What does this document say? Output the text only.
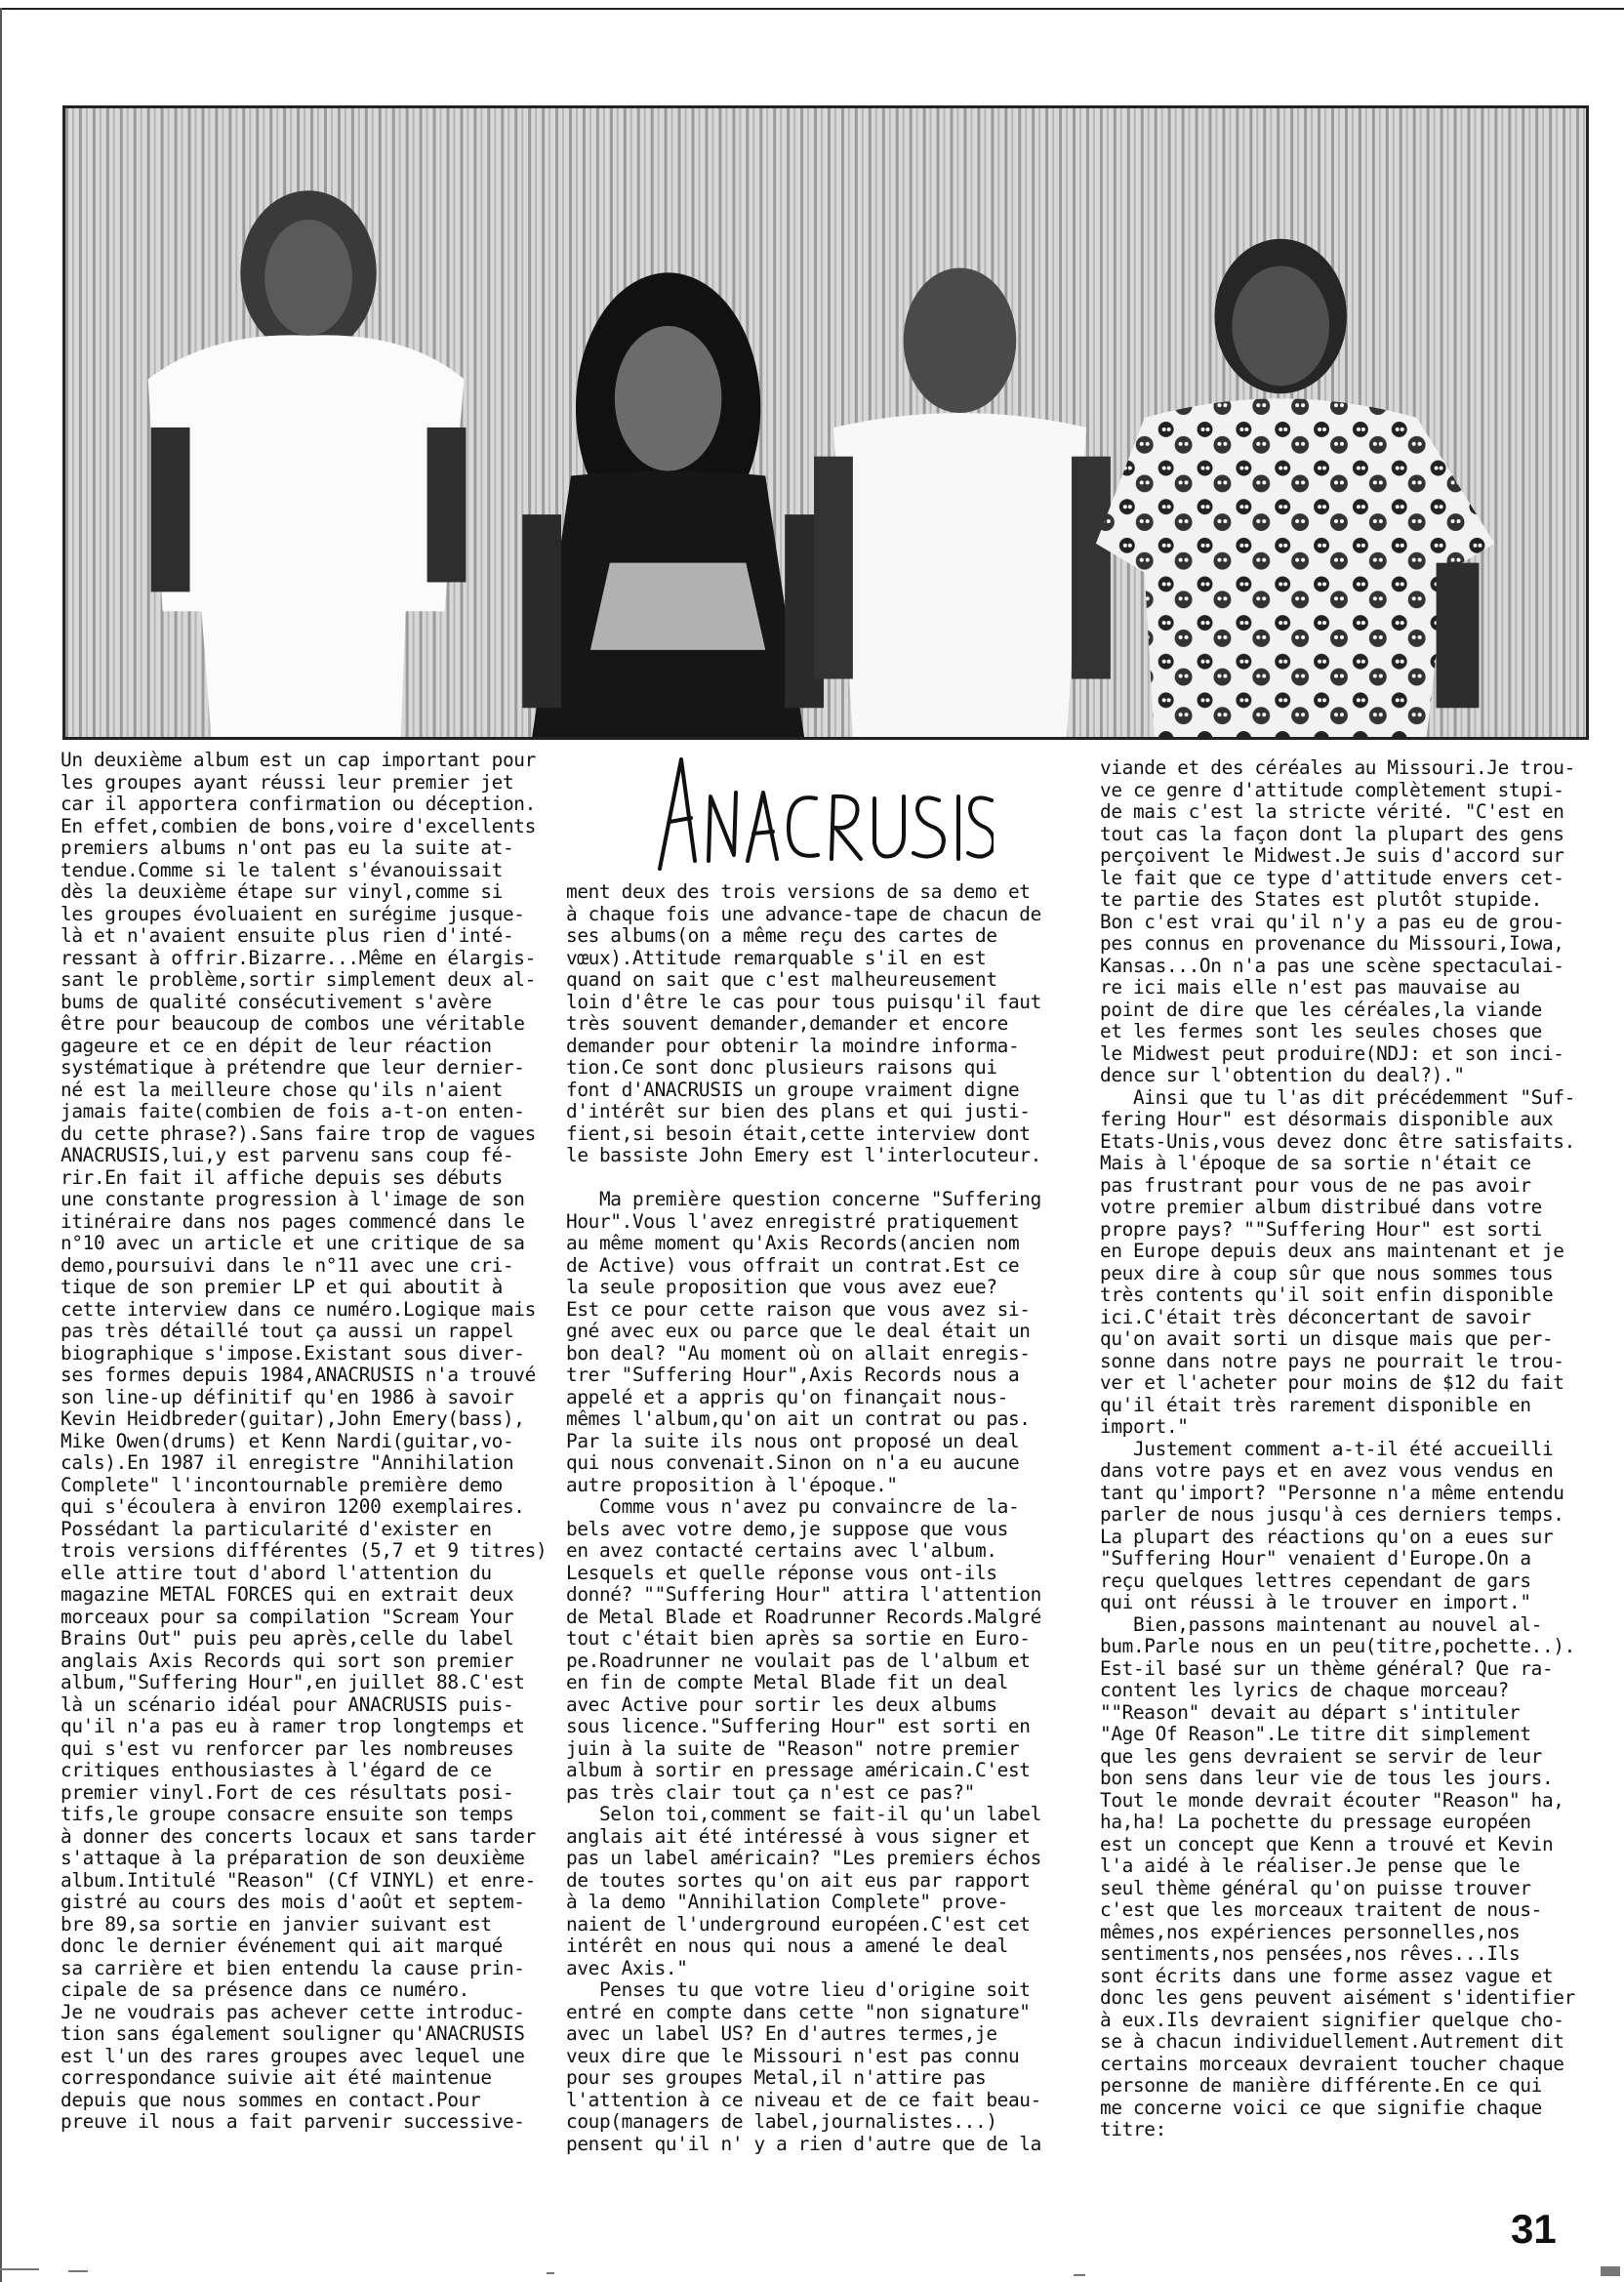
Un deuxième album est un cap important pour
les groupes ayant réussi leur premier jet
car il apportera confirmation ou déception.
En effet,combien de bons,voire d'excellents
premiers albums n'ont pas eu la suite at-
tendue.Comme si le talent s'évanouissait
dès la deuxième étape sur vinyl,comme si
les groupes évoluaient en surégime jusque-
là et n'avaient ensuite plus rien d'inté-
ressant à offrir.Bizarre...Même en élargis-
sant le problème,sortir simplement deux al-
bums de qualité consécutivement s'avère
être pour beaucoup de combos une véritable
gageure et ce en dépit de leur réaction
systématique à prétendre que leur dernier-
né est la meilleure chose qu'ils n'aient
jamais faite(combien de fois a-t-on enten-
du cette phrase?).Sans faire trop de vagues
ANACRUSIS,lui,y est parvenu sans coup fé-
rir.En fait il affiche depuis ses débuts
une constante progression à l'image de son
itinéraire dans nos pages commencé dans le
n°10 avec un article et une critique de sa
demo,poursuivi dans le n°11 avec une cri-
tique de son premier LP et qui aboutit à
cette interview dans ce numéro.Logique mais
pas très détaillé tout ça aussi un rappel
biographique s'impose.Existant sous diver-
ses formes depuis 1984,ANACRUSIS n'a trouvé
son line-up définitif qu'en 1986 à savoir
Kevin Heidbreder(guitar),John Emery(bass),
Mike Owen(drums) et Kenn Nardi(guitar,vo-
cals).En 1987 il enregistre "Annihilation
Complete" l'incontournable première demo
qui s'écoulera à environ 1200 exemplaires.
Possédant la particularité d'exister en
trois versions différentes (5,7 et 9 titres)
elle attire tout d'abord l'attention du
magazine METAL FORCES qui en extrait deux
morceaux pour sa compilation "Scream Your
Brains Out" puis peu après,celle du label
anglais Axis Records qui sort son premier
album,"Suffering Hour",en juillet 88.C'est
là un scénario idéal pour ANACRUSIS puis-
qu'il n'a pas eu à ramer trop longtemps et
qui s'est vu renforcer par les nombreuses
critiques enthousiastes à l'égard de ce
premier vinyl.Fort de ces résultats posi-
tifs,le groupe consacre ensuite son temps
à donner des concerts locaux et sans tarder
s'attaque à la préparation de son deuxième
album.Intitulé "Reason" (Cf VINYL) et enre-
gistré au cours des mois d'août et septem-
bre 89,sa sortie en janvier suivant est
donc le dernier événement qui ait marqué
sa carrière et bien entendu la cause prin-
cipale de sa présence dans ce numéro.
Je ne voudrais pas achever cette introduc-
tion sans également souligner qu'ANACRUSIS
est l'un des rares groupes avec lequel une
correspondance suivie ait été maintenue
depuis que nous sommes en contact.Pour
preuve il nous a fait parvenir successive-
ment deux des trois versions de sa demo et
à chaque fois une advance-tape de chacun de
ses albums(on a même reçu des cartes de
vœux).Attitude remarquable s'il en est
quand on sait que c'est malheureusement
loin d'être le cas pour tous puisqu'il faut
très souvent demander,demander et encore
demander pour obtenir la moindre informa-
tion.Ce sont donc plusieurs raisons qui
font d'ANACRUSIS un groupe vraiment digne
d'intérêt sur bien des plans et qui justi-
fient,si besoin était,cette interview dont
le bassiste John Emery est l'interlocuteur.

Ma première question concerne "Suffering
Hour".Vous l'avez enregistré pratiquement
au même moment qu'Axis Records(ancien nom
de Active) vous offrait un contrat.Est ce
la seule proposition que vous avez eue?
Est ce pour cette raison que vous avez si-
gné avec eux ou parce que le deal était un
bon deal? "Au moment où on allait enregis-
trer "Suffering Hour",Axis Records nous a
appelé et a appris qu'on finançait nous-
mêmes l'album,qu'on ait un contrat ou pas.
Par la suite ils nous ont proposé un deal
qui nous convenait.Sinon on n'a eu aucune
autre proposition à l'époque."
Comme vous n'avez pu convaincre de la-
bels avec votre demo,je suppose que vous
en avez contacté certains avec l'album.
Lesquels et quelle réponse vous ont-ils
donné? ""Suffering Hour" attira l'attention
de Metal Blade et Roadrunner Records.Malgré
tout c'était bien après sa sortie en Euro-
pe.Roadrunner ne voulait pas de l'album et
en fin de compte Metal Blade fit un deal
avec Active pour sortir les deux albums
sous licence."Suffering Hour" est sorti en
juin à la suite de "Reason" notre premier
album à sortir en pressage américain.C'est
pas très clair tout ça n'est ce pas?"
Selon toi,comment se fait-il qu'un label
anglais ait été intéressé à vous signer et
pas un label américain? "Les premiers échos
de toutes sortes qu'on ait eus par rapport
à la demo "Annihilation Complete" prove-
naient de l'underground européen.C'est cet
intérêt en nous qui nous a amené le deal
avec Axis."
Penses tu que votre lieu d'origine soit
entré en compte dans cette "non signature"
avec un label US? En d'autres termes,je
veux dire que le Missouri n'est pas connu
pour ses groupes Metal,il n'attire pas
l'attention à ce niveau et de ce fait beau-
coup(managers de label,journalistes...)
pensent qu'il n' y a rien d'autre que de la
viande et des céréales au Missouri.Je trou-
ve ce genre d'attitude complètement stupi-
de mais c'est la stricte vérité. "C'est en
tout cas la façon dont la plupart des gens
perçoivent le Midwest.Je suis d'accord sur
le fait que ce type d'attitude envers cet-
te partie des States est plutôt stupide.
Bon c'est vrai qu'il n'y a pas eu de grou-
pes connus en provenance du Missouri,Iowa,
Kansas...On n'a pas une scène spectaculai-
re ici mais elle n'est pas mauvaise au
point de dire que les céréales,la viande
et les fermes sont les seules choses que
le Midwest peut produire(NDJ: et son inci-
dence sur l'obtention du deal?)."
Ainsi que tu l'as dit précédemment "Suf-
fering Hour" est désormais disponible aux
Etats-Unis,vous devez donc être satisfaits.
Mais à l'époque de sa sortie n'était ce
pas frustrant pour vous de ne pas avoir
votre premier album distribué dans votre
propre pays? ""Suffering Hour" est sorti
en Europe depuis deux ans maintenant et je
peux dire à coup sûr que nous sommes tous
très contents qu'il soit enfin disponible
ici.C'était très déconcertant de savoir
qu'on avait sorti un disque mais que per-
sonne dans notre pays ne pourrait le trou-
ver et l'acheter pour moins de $12 du fait
qu'il était très rarement disponible en
import."
Justement comment a-t-il été accueilli
dans votre pays et en avez vous vendus en
tant qu'import? "Personne n'a même entendu
parler de nous jusqu'à ces derniers temps.
La plupart des réactions qu'on a eues sur
"Suffering Hour" venaient d'Europe.On a
reçu quelques lettres cependant de gars
qui ont réussi à le trouver en import."
Bien,passons maintenant au nouvel al-
bum.Parle nous en un peu(titre,pochette..).
Est-il basé sur un thème général? Que ra-
content les lyrics de chaque morceau?
""Reason" devait au départ s'intituler
"Age Of Reason".Le titre dit simplement
que les gens devraient se servir de leur
bon sens dans leur vie de tous les jours.
Tout le monde devrait écouter "Reason" ha,
ha,ha! La pochette du pressage européen
est un concept que Kenn a trouvé et Kevin
l'a aidé à le réaliser.Je pense que le
seul thème général qu'on puisse trouver
c'est que les morceaux traitent de nous-
mêmes,nos expériences personnelles,nos
sentiments,nos pensées,nos rêves...Ils
sont écrits dans une forme assez vague et
donc les gens peuvent aisément s'identifier
à eux.Ils devraient signifier quelque cho-
se à chacun individuellement.Autrement dit
certains morceaux devraient toucher chaque
personne de manière différente.En ce qui
me concerne voici ce que signifie chaque
titre:
31
